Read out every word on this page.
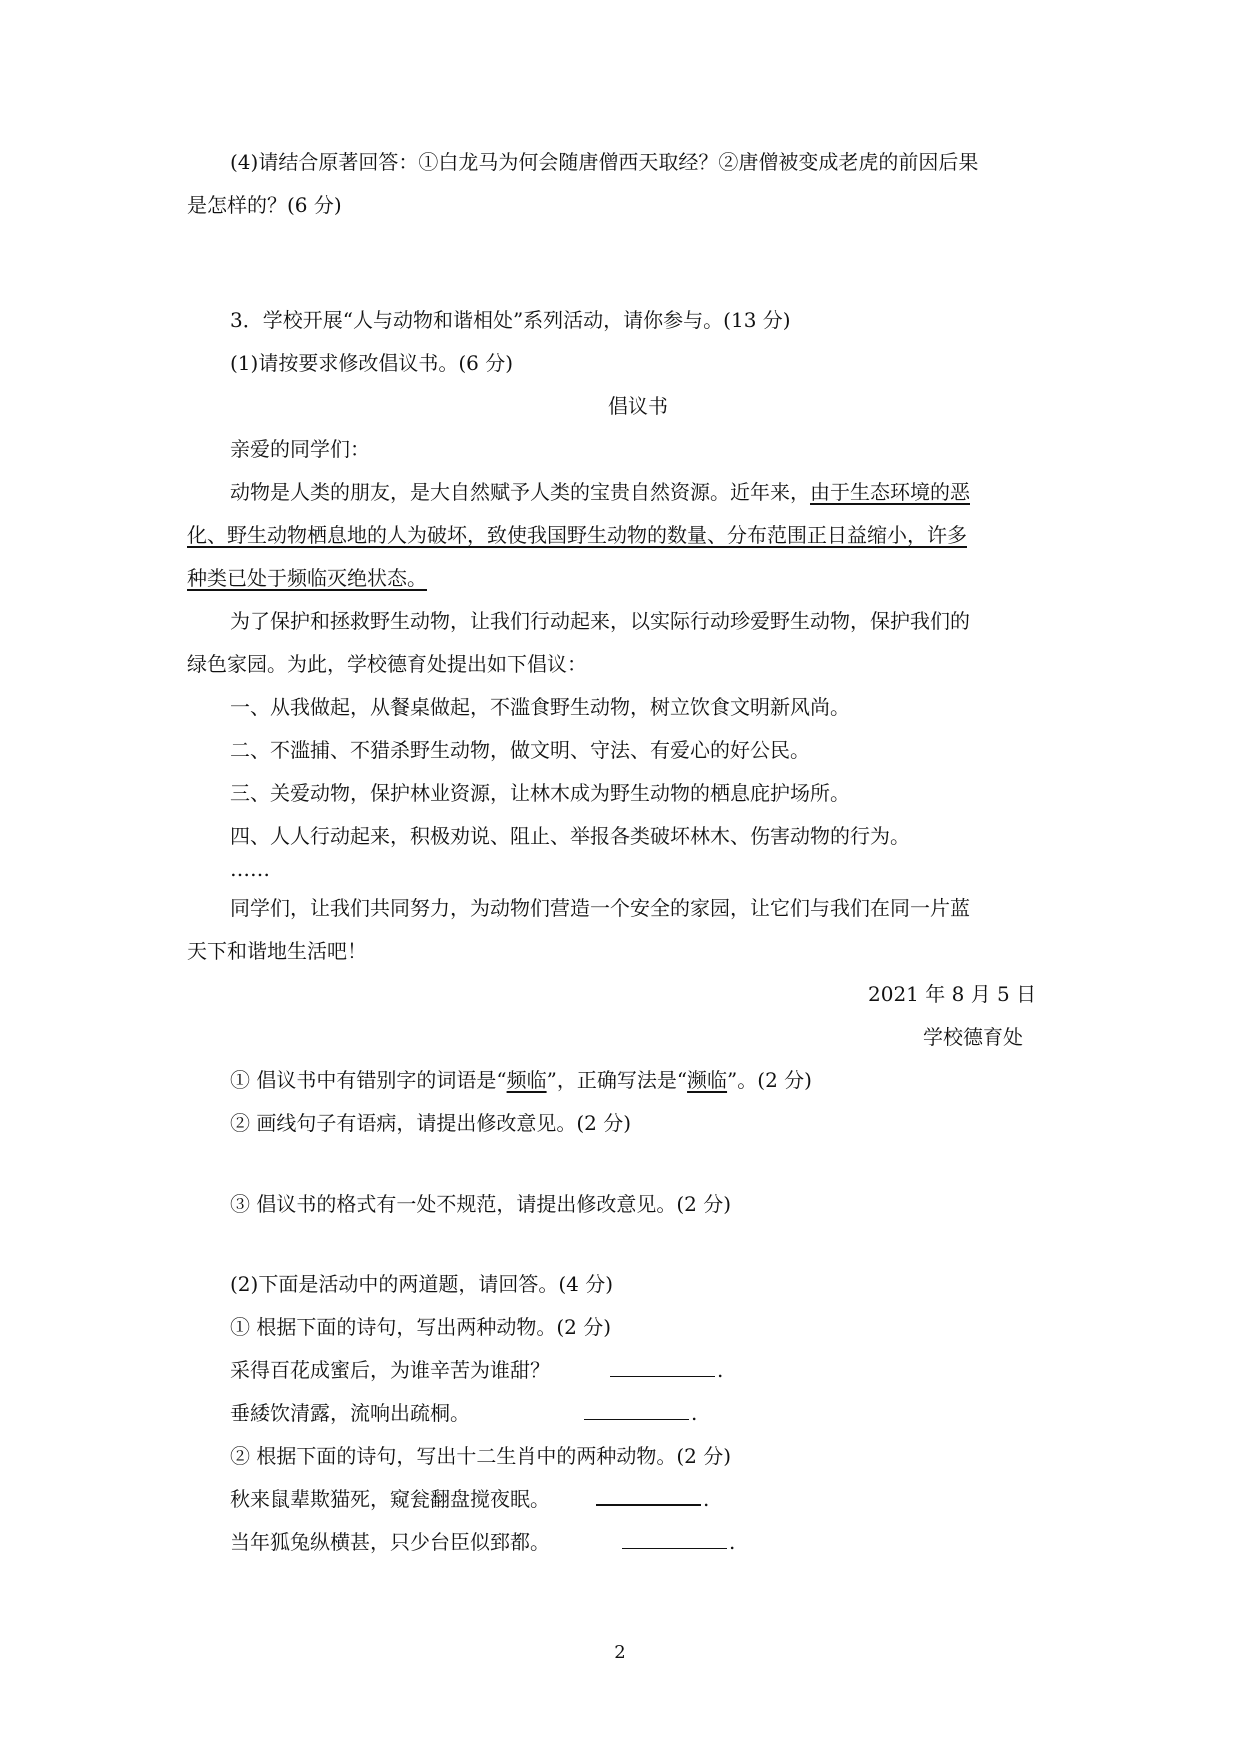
(4)请结合原著回答：①白龙马为何会随唐僧西天取经？②唐僧被变成老虎的前因后果
是怎样的？(6 分)
3．学校开展“人与动物和谐相处”系列活动，请你参与。(13 分)
(1)请按要求修改倡议书。(6 分)
倡议书
亲爱的同学们：
动物是人类的朋友，是大自然赋予人类的宝贵自然资源。近年来，由于生态环境的恶
化、野生动物栖息地的人为破坏，致使我国野生动物的数量、分布范围正日益缩小，许多
种类已处于频临灭绝状态。
为了保护和拯救野生动物，让我们行动起来，以实际行动珍爱野生动物，保护我们的
绿色家园。为此，学校德育处提出如下倡议：
一、从我做起，从餐桌做起，不滥食野生动物，树立饮食文明新风尚。
二、不滥捕、不猎杀野生动物，做文明、守法、有爱心的好公民。
三、关爱动物，保护林业资源，让林木成为野生动物的栖息庇护场所。
四、人人行动起来，积极劝说、阻止、举报各类破坏林木、伤害动物的行为。
……
同学们，让我们共同努力，为动物们营造一个安全的家园，让它们与我们在同一片蓝
天下和谐地生活吧！
2021 年 8 月 5 日
学校德育处
① 倡议书中有错别字的词语是“频临”，正确写法是“濒临”。(2 分)
② 画线句子有语病，请提出修改意见。(2 分)
③ 倡议书的格式有一处不规范，请提出修改意见。(2 分)
(2)下面是活动中的两道题，请回答。(4 分)
① 根据下面的诗句，写出两种动物。(2 分)
采得百花成蜜后，为谁辛苦为谁甜？	.
垂緌饮清露，流响出疏桐。	.
② 根据下面的诗句，写出十二生肖中的两种动物。(2 分)
秋来鼠辈欺猫死，窥瓮翻盘搅夜眠。	.
当年狐兔纵横甚，只少台臣似郅都。	.
2
